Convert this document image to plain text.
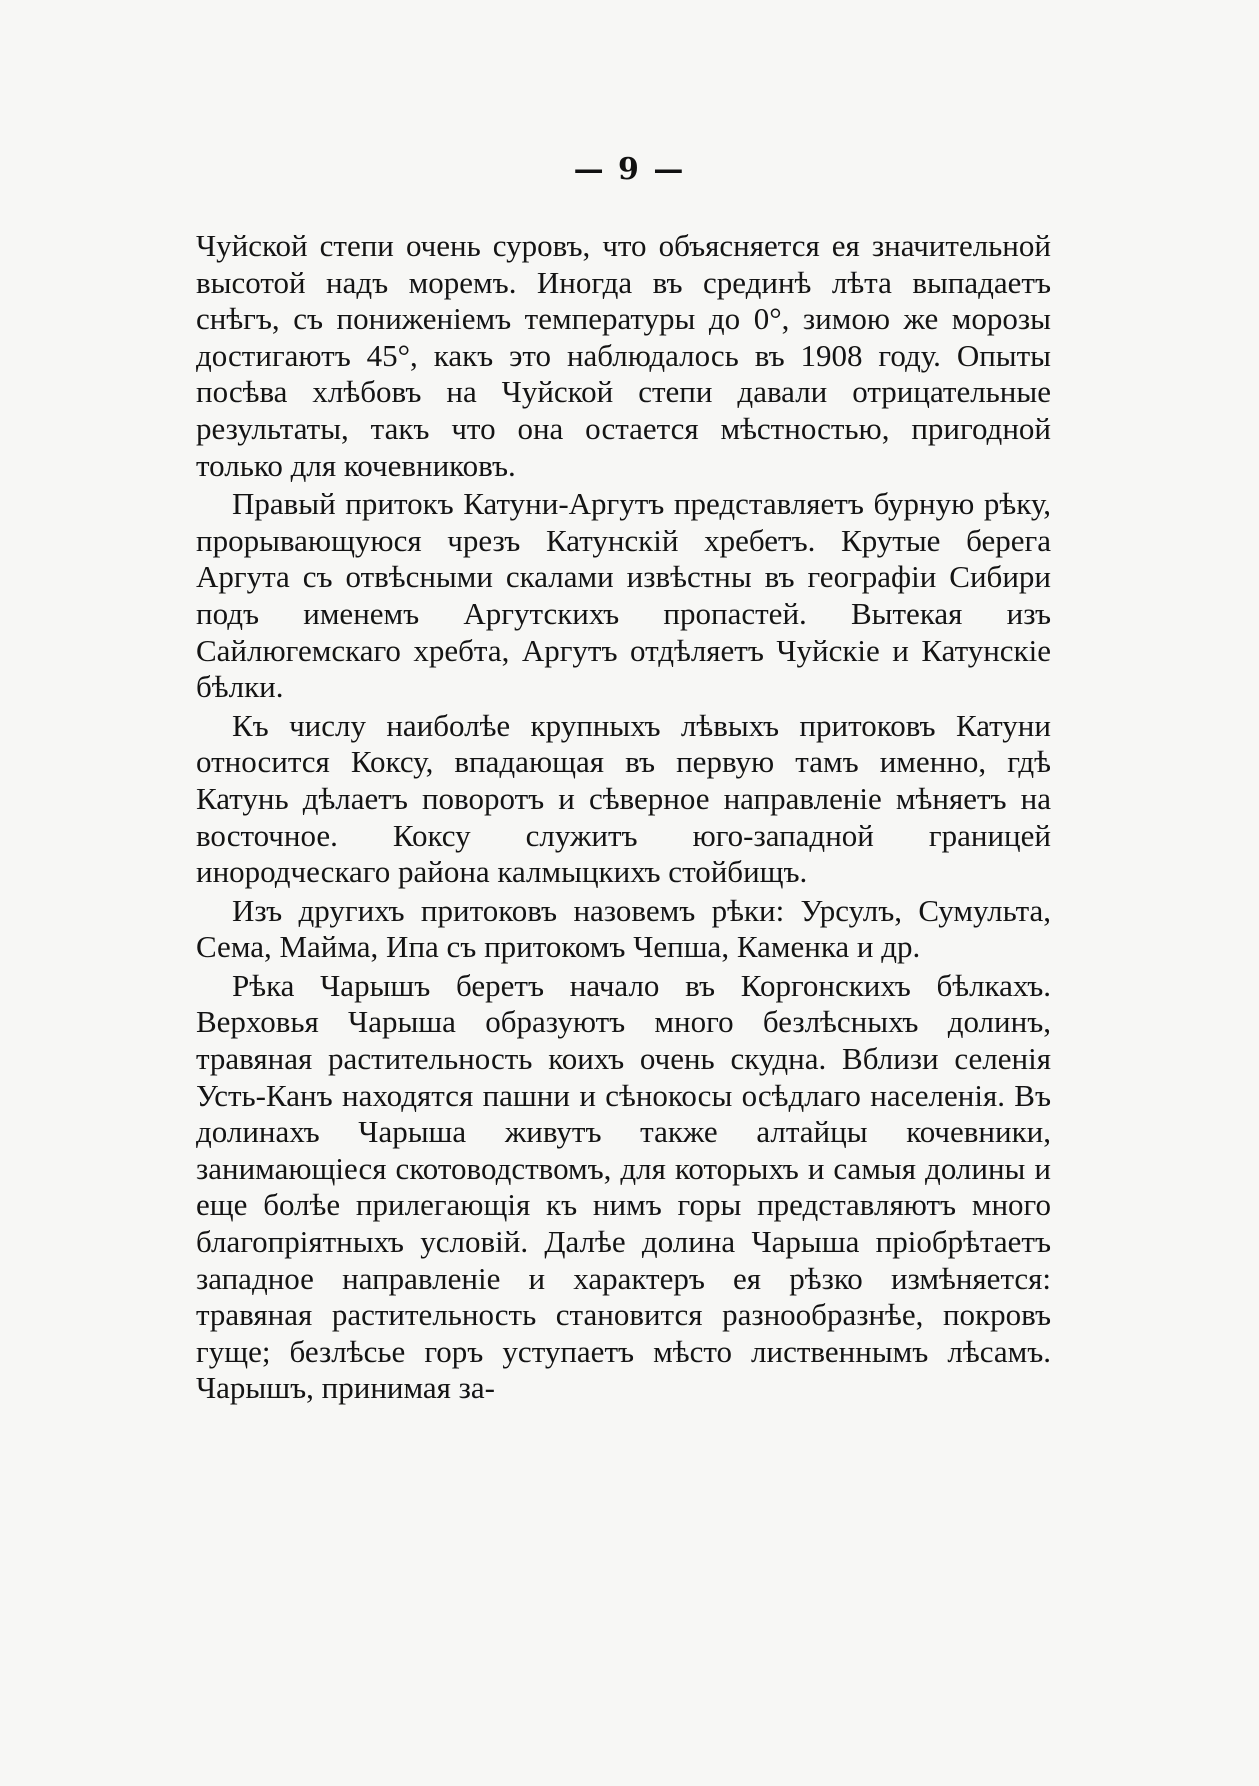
— 9 —

Чуйской степи очень суровъ, что объясняется ея значительной высотой надъ моремъ. Иногда въ срединѣ лѣта выпадаетъ снѣгъ, съ пониженіемъ температуры до 0°, зимою же морозы достигаютъ 45°, какъ это наблюдалось въ 1908 году. Опыты посѣва хлѣбовъ на Чуйской степи давали отрицательные результаты, такъ что она остается мѣстностью, пригодной только для кочевниковъ.

Правый притокъ Катуни-Аргутъ представляетъ бурную рѣку, прорывающуюся чрезъ Катунскій хребетъ. Крутые берега Аргута съ отвѣсными скалами извѣстны въ географіи Сибири подъ именемъ Аргутскихъ пропастей. Вытекая изъ Сайлюгемскаго хребта, Аргутъ отдѣляетъ Чуйскіе и Катунскіе бѣлки.

Къ числу наиболѣе крупныхъ лѣвыхъ притоковъ Катуни относится Коксу, впадающая въ первую тамъ именно, гдѣ Катунь дѣлаетъ поворотъ и сѣверное направленіе мѣняетъ на восточное. Коксу служитъ юго-западной границей инородческаго района калмыцкихъ стойбищъ.

Изъ другихъ притоковъ назовемъ рѣки: Урсулъ, Сумульта, Сема, Майма, Ипа съ притокомъ Чепша, Каменка и др.

Рѣка Чарышъ беретъ начало въ Коргонскихъ бѣлкахъ. Верховья Чарыша образуютъ много безлѣсныхъ долинъ, травяная растительность коихъ очень скудна. Вблизи селенія Усть-Канъ находятся пашни и сѣнокосы осѣдлаго населенія. Въ долинахъ Чарыша живутъ также алтайцы кочевники, занимающіеся скотоводствомъ, для которыхъ и самыя долины и еще болѣе прилегающія къ нимъ горы представляютъ много благопріятныхъ условій. Далѣе долина Чарыша пріобрѣтаетъ западное направленіе и характеръ ея рѣзко измѣняется: травяная растительность становится разнообразнѣе, покровъ гуще; безлѣсье горъ уступаетъ мѣсто лиственнымъ лѣсамъ. Чарышъ, принимая за-
